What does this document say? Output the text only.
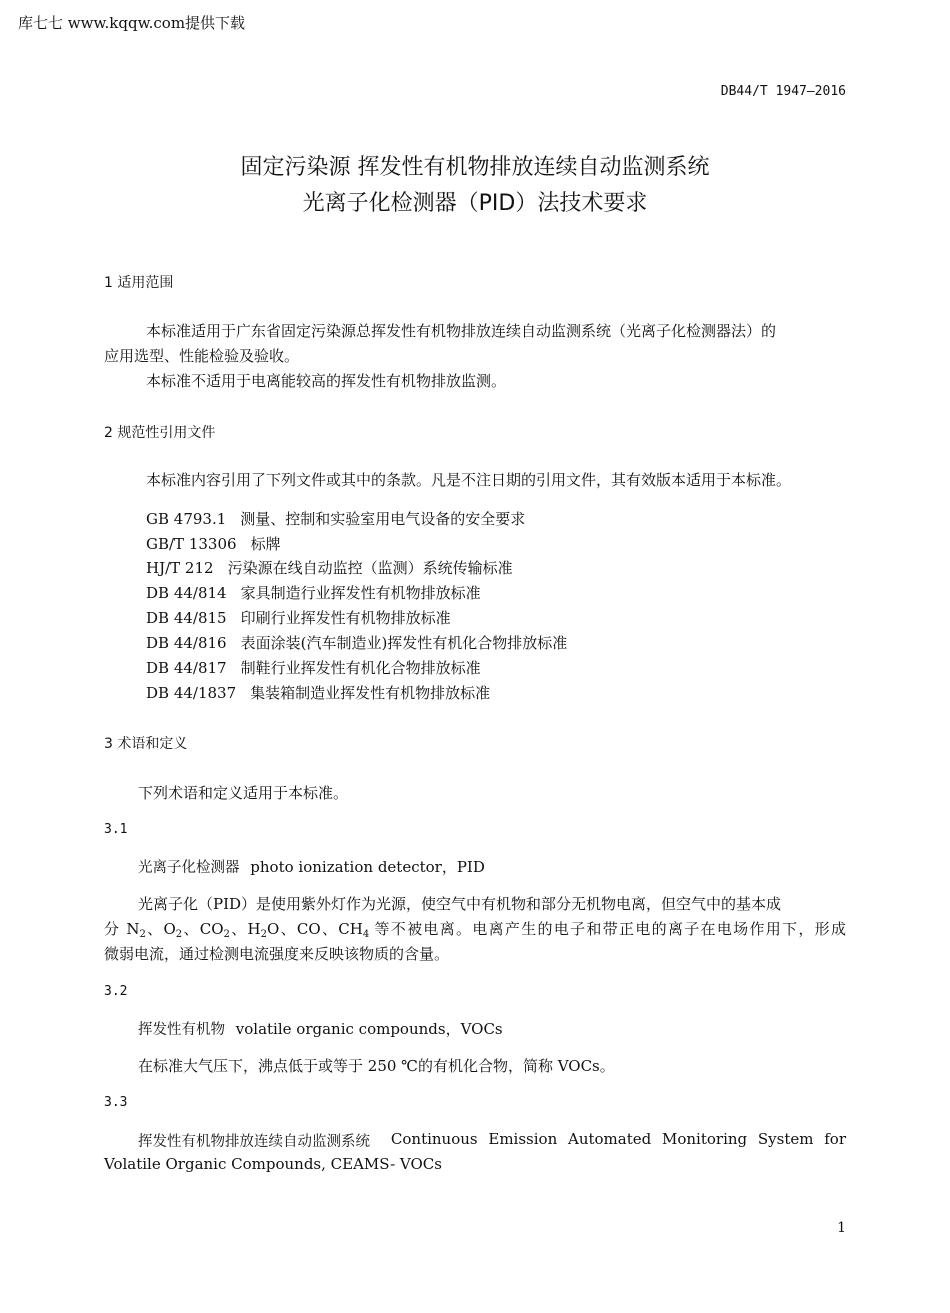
库七七 www.kqqw.com提供下载
DB44/T 1947—2016
固定污染源 挥发性有机物排放连续自动监测系统
光离子化检测器（PID）法技术要求
1 适用范围
本标准适用于广东省固定污染源总挥发性有机物排放连续自动监测系统（光离子化检测器法）的
应用选型、性能检验及验收。
本标准不适用于电离能较高的挥发性有机物排放监测。
2 规范性引用文件
本标准内容引用了下列文件或其中的条款。凡是不注日期的引用文件，其有效版本适用于本标准。
GB 4793.1 测量、控制和实验室用电气设备的安全要求
GB/T 13306 标牌
HJ/T 212 污染源在线自动监控（监测）系统传输标准
DB 44/814 家具制造行业挥发性有机物排放标准
DB 44/815 印刷行业挥发性有机物排放标准
DB 44/816 表面涂装(汽车制造业)挥发性有机化合物排放标准
DB 44/817 制鞋行业挥发性有机化合物排放标准
DB 44/1837 集装箱制造业挥发性有机物排放标准
3 术语和定义
下列术语和定义适用于本标准。
3.1
光离子化检测器 photo ionization detector，PID
光离子化（PID）是使用紫外灯作为光源，使空气中有机物和部分无机物电离，但空气中的基本成
分 $N_2$、$O_2$、$CO_2$、$H_2O$、CO、$CH_4$ 等不被电离。电离产生的电子和带正电的离子在电场作用下，形成
微弱电流，通过检测电流强度来反映该物质的含量。
3.2
挥发性有机物 volatile organic compounds，VOCs
在标准大气压下，沸点低于或等于 250 ℃的有机化合物，简称 VOCs。
3.3
挥发性有机物排放连续自动监测系统 Continuous Emission Automated Monitoring System for
Volatile Organic Compounds, CEAMS- VOCs
1
